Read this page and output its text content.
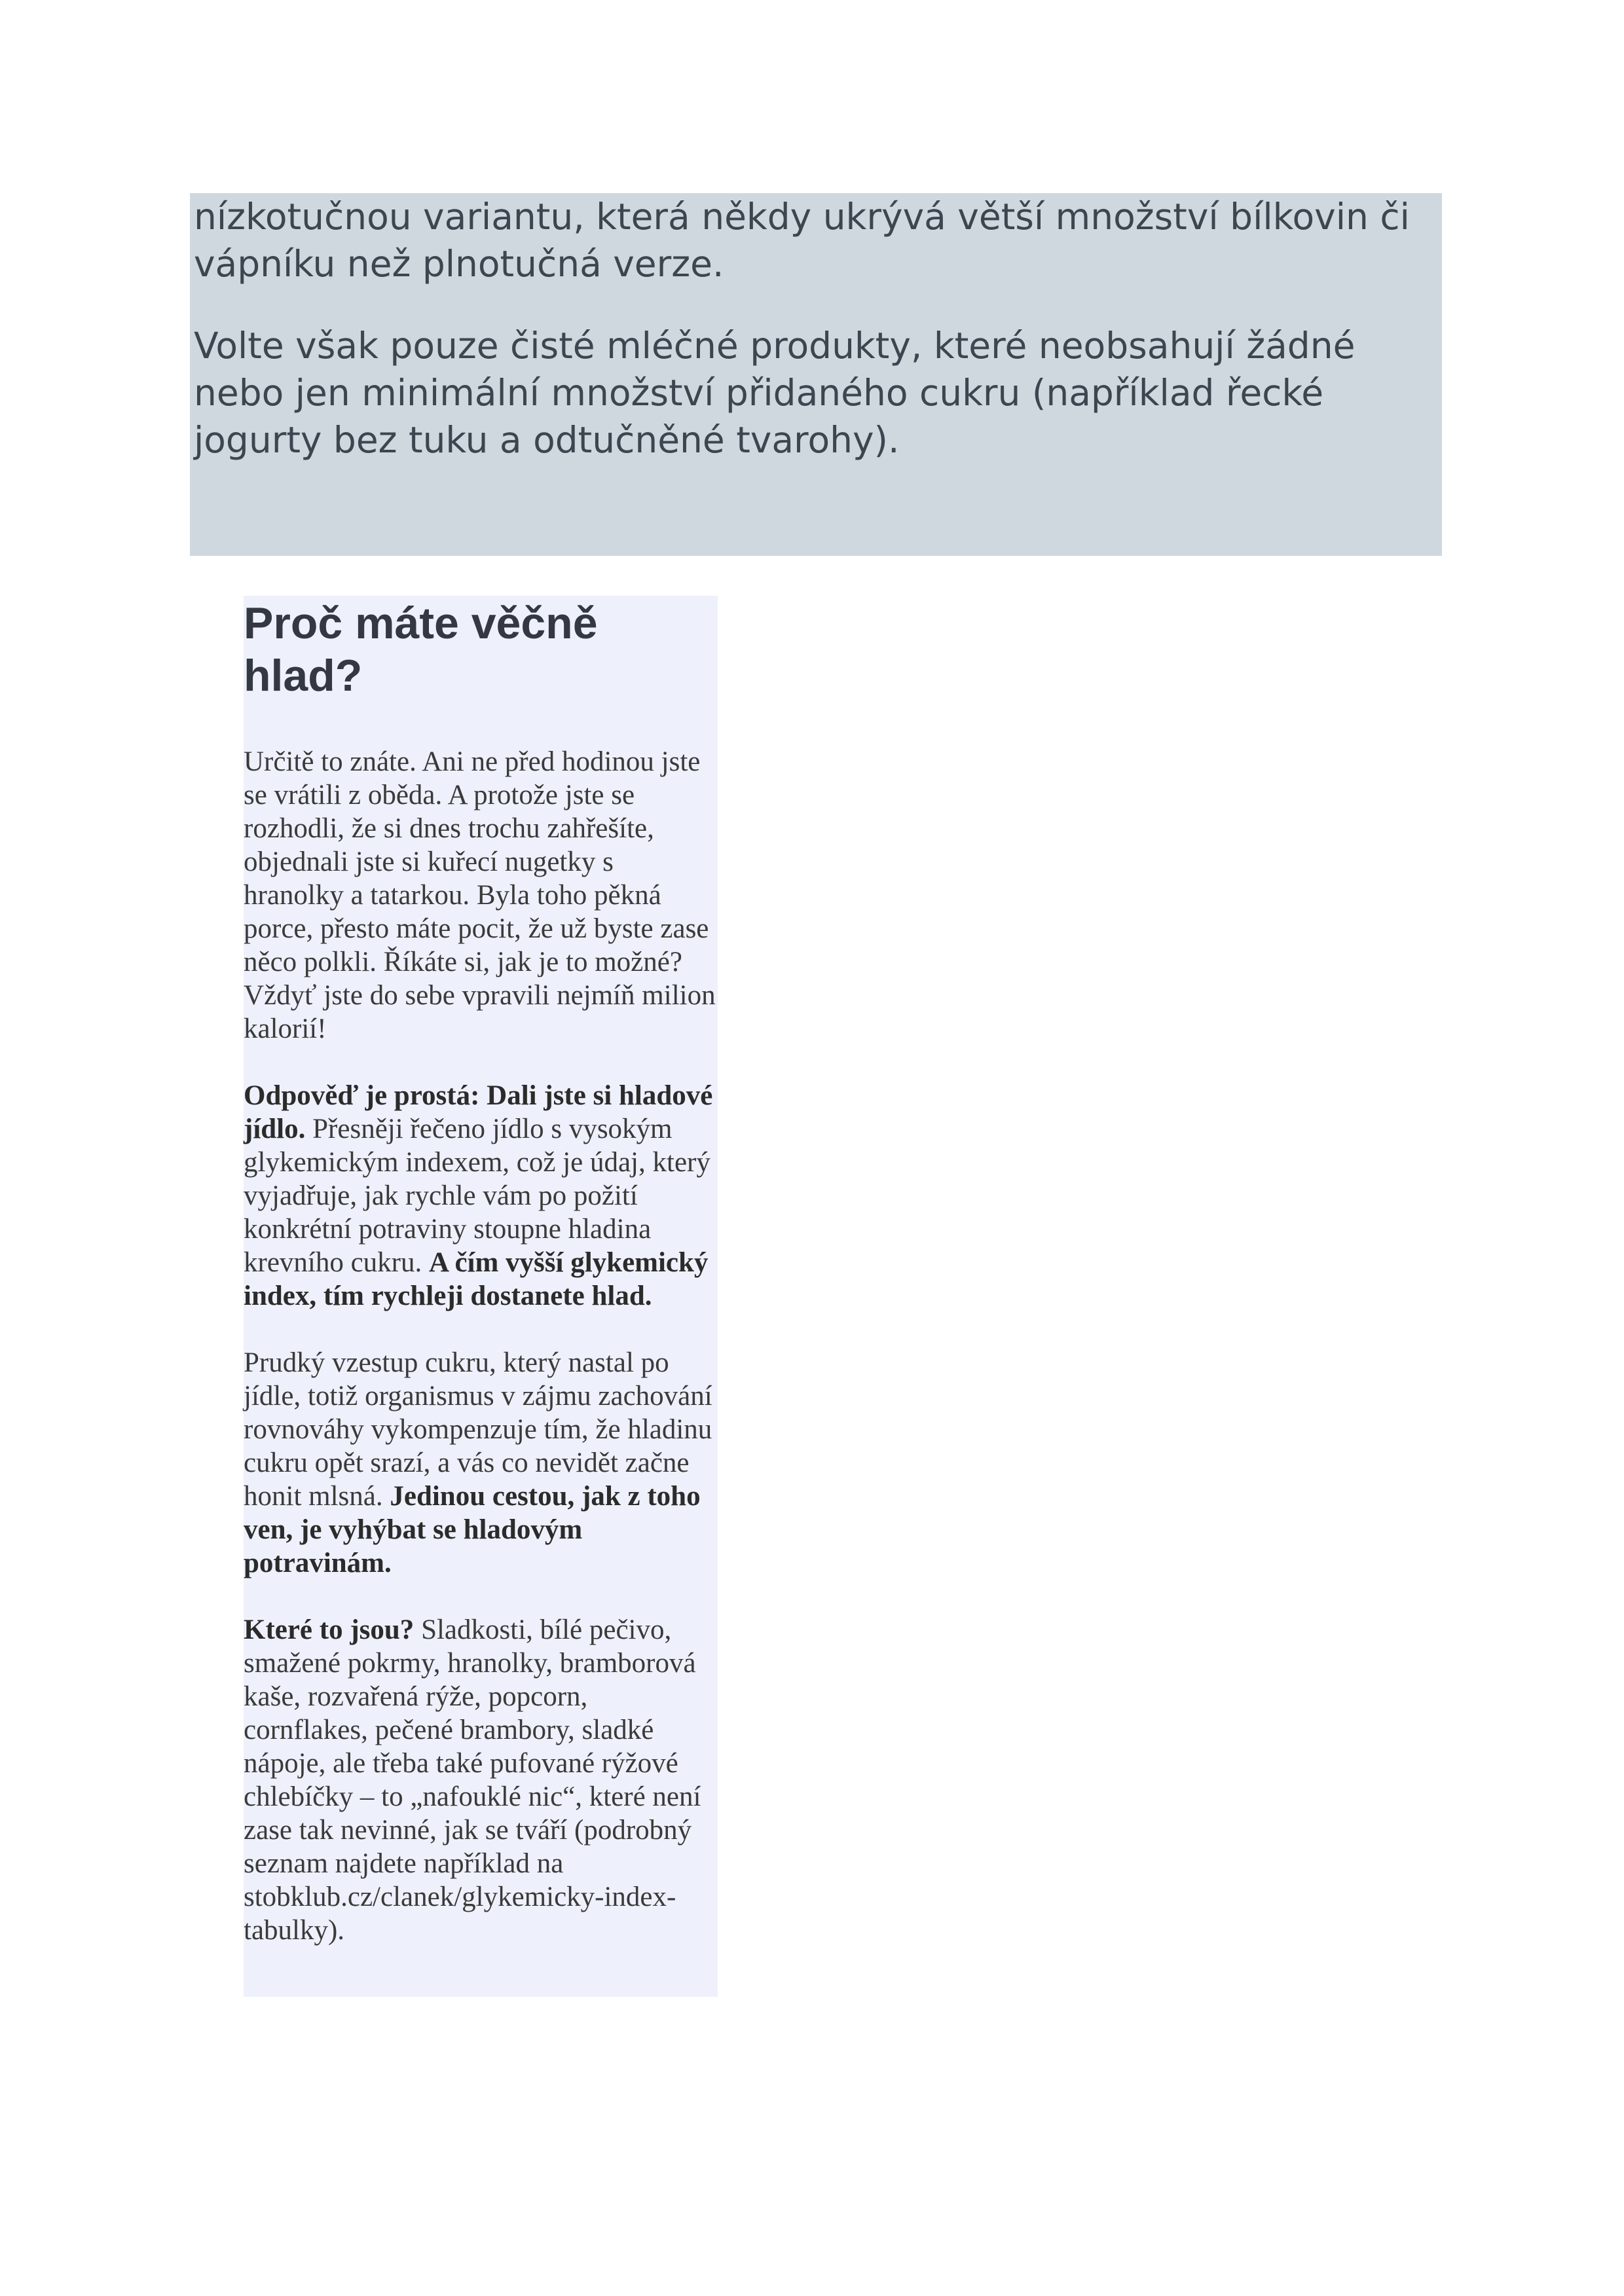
nízkotučnou variantu, která někdy ukrývá větší množství bílkovin či vápníku než plnotučná verze.

Volte však pouze čisté mléčné produkty, které neobsahují žádné nebo jen minimální množství přidaného cukru (například řecké jogurty bez tuku a odtučněné tvarohy).

Proč máte věčně hlad?

Určitě to znáte. Ani ne před hodinou jste se vrátili z oběda. A protože jste se rozhodli, že si dnes trochu zahřešíte, objednali jste si kuřecí nugetky s hranolky a tatarkou. Byla toho pěkná porce, přesto máte pocit, že už byste zase něco polkli. Říkáte si, jak je to možné? Vždyť jste do sebe vpravili nejmíň milion kalorií!

Odpověď je prostá: Dali jste si hladové jídlo. Přesněji řečeno jídlo s vysokým glykemickým indexem, což je údaj, který vyjadřuje, jak rychle vám po požití konkrétní potraviny stoupne hladina krevního cukru. A čím vyšší glykemický index, tím rychleji dostanete hlad.

Prudký vzestup cukru, který nastal po jídle, totiž organismus v zájmu zachování rovnováhy vykompenzuje tím, že hladinu cukru opět srazí, a vás co nevidět začne honit mlsná. Jedinou cestou, jak z toho ven, je vyhýbat se hladovým potravinám.

Které to jsou? Sladkosti, bílé pečivo, smažené pokrmy, hranolky, bramborová kaše, rozvařená rýže, popcorn, cornflakes, pečené brambory, sladké nápoje, ale třeba také pufované rýžové chlebíčky – to „nafouklé nic“, které není zase tak nevinné, jak se tváří (podrobný seznam najdete například na stobklub.cz/clanek/glykemicky-index-tabulky).
